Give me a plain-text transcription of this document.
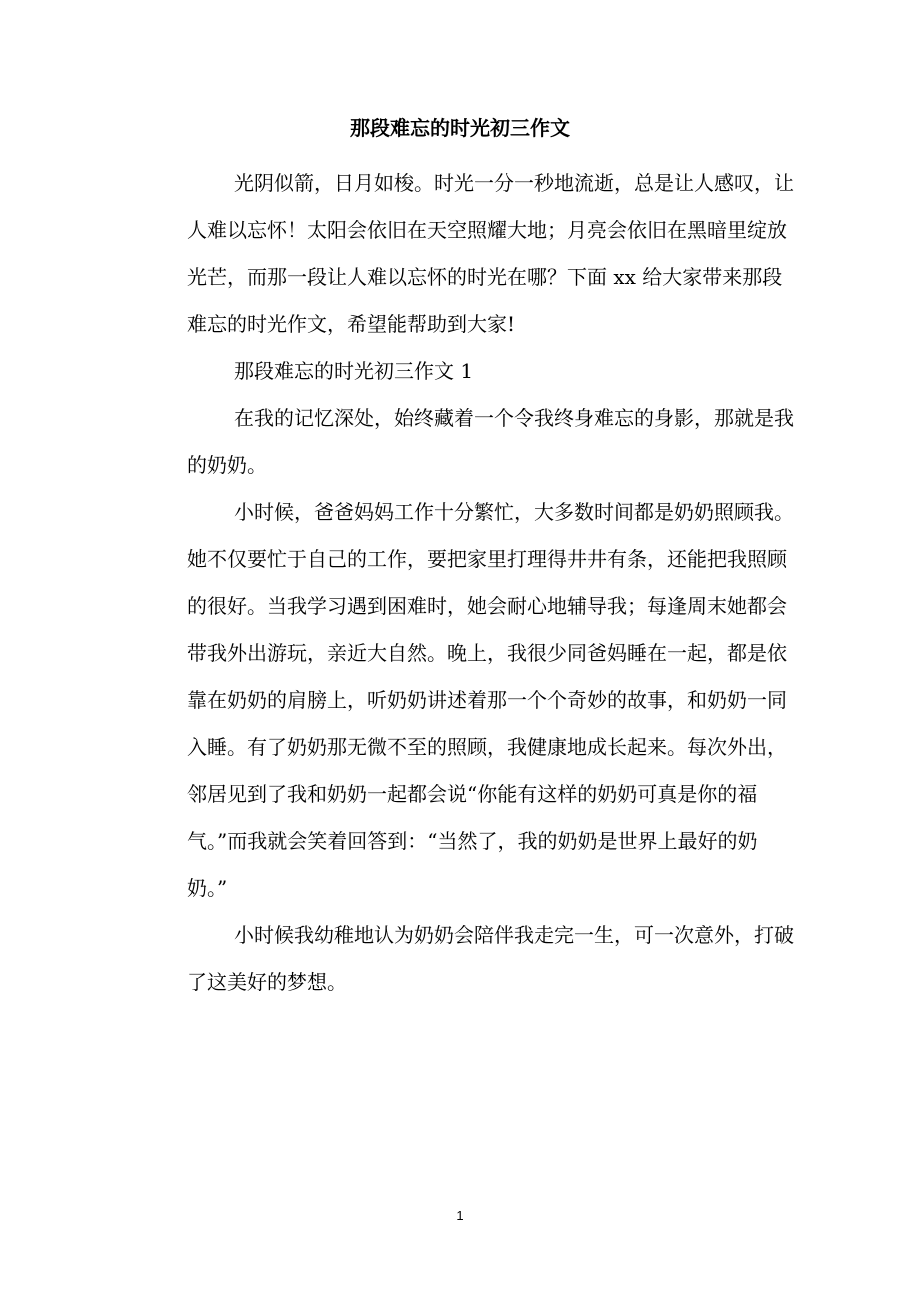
那段难忘的时光初三作文
光阴似箭，日月如梭。时光一分一秒地流逝，总是让人感叹，让
人难以忘怀！太阳会依旧在天空照耀大地；月亮会依旧在黑暗里绽放
光芒，而那一段让人难以忘怀的时光在哪？下面 xx 给大家带来那段
难忘的时光作文，希望能帮助到大家!
那段难忘的时光初三作文 1
在我的记忆深处，始终藏着一个令我终身难忘的身影，那就是我
的奶奶。
小时候，爸爸妈妈工作十分繁忙，大多数时间都是奶奶照顾我。
她不仅要忙于自己的工作，要把家里打理得井井有条，还能把我照顾
的很好。当我学习遇到困难时，她会耐心地辅导我；每逢周末她都会
带我外出游玩，亲近大自然。晚上，我很少同爸妈睡在一起，都是依
靠在奶奶的肩膀上，听奶奶讲述着那一个个奇妙的故事，和奶奶一同
入睡。有了奶奶那无微不至的照顾，我健康地成长起来。每次外出，
邻居见到了我和奶奶一起都会说“你能有这样的奶奶可真是你的福
气。”而我就会笑着回答到：“当然了，我的奶奶是世界上最好的奶
奶。”
小时候我幼稚地认为奶奶会陪伴我走完一生，可一次意外，打破
了这美好的梦想。
1
